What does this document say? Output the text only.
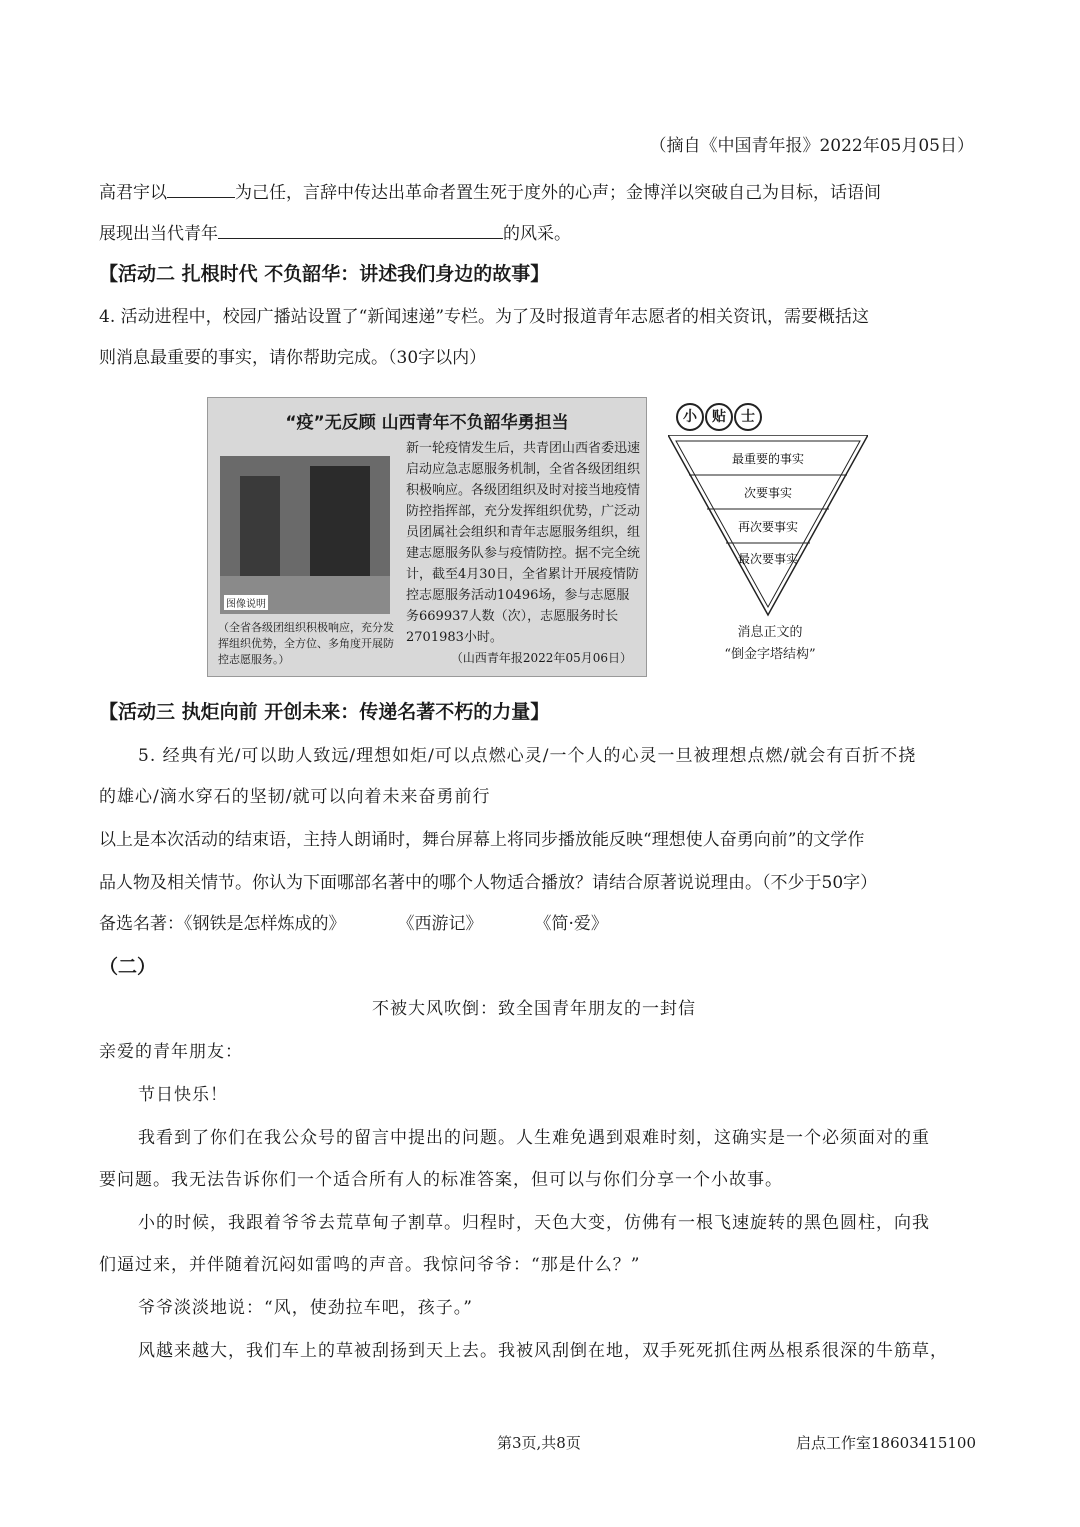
（摘自《中国青年报》2022年05月05日）
高君宇以	为己任，言辞中传达出革命者置生死于度外的心声；金博洋以突破自己为目标，话语间
展现出当代青年	的风采。
【活动二 扎根时代 不负韶华：讲述我们身边的故事】
4. 活动进程中，校园广播站设置了“新闻速递”专栏。为了及时报道青年志愿者的相关资讯，需要概括这
则消息最重要的事实，请你帮助完成。（30字以内）
“疫”无反顾 山西青年不负韶华勇担当
图像说明
（全省各级团组织积极响应，充分发挥组织优势，全方位、多角度开展防控志愿服务。）
新一轮疫情发生后，共青团山西省委迅速启动应急志愿服务机制，全省各级团组织积极响应。各级团组织及时对接当地疫情防控指挥部，充分发挥组织优势，广泛动员团属社会组织和青年志愿服务组织，组建志愿服务队参与疫情防控。据不完全统计，截至4月30日，全省累计开展疫情防控志愿服务活动10496场，参与志愿服务669937人数（次），志愿服务时长2701983小时。
（山西青年报2022年05月06日）
小 贴 士
最重要的事实
次要事实
再次要事实
最次要事实
消息正文的
“倒金字塔结构”
【活动三 执炬向前 开创未来：传递名著不朽的力量】
5. 经典有光/可以助人致远/理想如炬/可以点燃心灵/一个人的心灵一旦被理想点燃/就会有百折不挠
的雄心/滴水穿石的坚韧/就可以向着未来奋勇前行
以上是本次活动的结束语，主持人朗诵时，舞台屏幕上将同步播放能反映“理想使人奋勇向前”的文学作
品人物及相关情节。你认为下面哪部名著中的哪个人物适合播放？请结合原著说说理由。（不少于50字）
备选名著：《钢铁是怎样炼成的》	《西游记》	《简·爱》
（二）
不被大风吹倒：致全国青年朋友的一封信
亲爱的青年朋友：
节日快乐！
我看到了你们在我公众号的留言中提出的问题。人生难免遇到艰难时刻，这确实是一个必须面对的重
要问题。我无法告诉你们一个适合所有人的标准答案，但可以与你们分享一个小故事。
小的时候，我跟着爷爷去荒草甸子割草。归程时，天色大变，仿佛有一根飞速旋转的黑色圆柱，向我
们逼过来，并伴随着沉闷如雷鸣的声音。我惊问爷爷：“那是什么？”
爷爷淡淡地说：“风，使劲拉车吧，孩子。”
风越来越大，我们车上的草被刮扬到天上去。我被风刮倒在地，双手死死抓住两丛根系很深的牛筋草，
第3页,共8页	启点工作室18603415100
